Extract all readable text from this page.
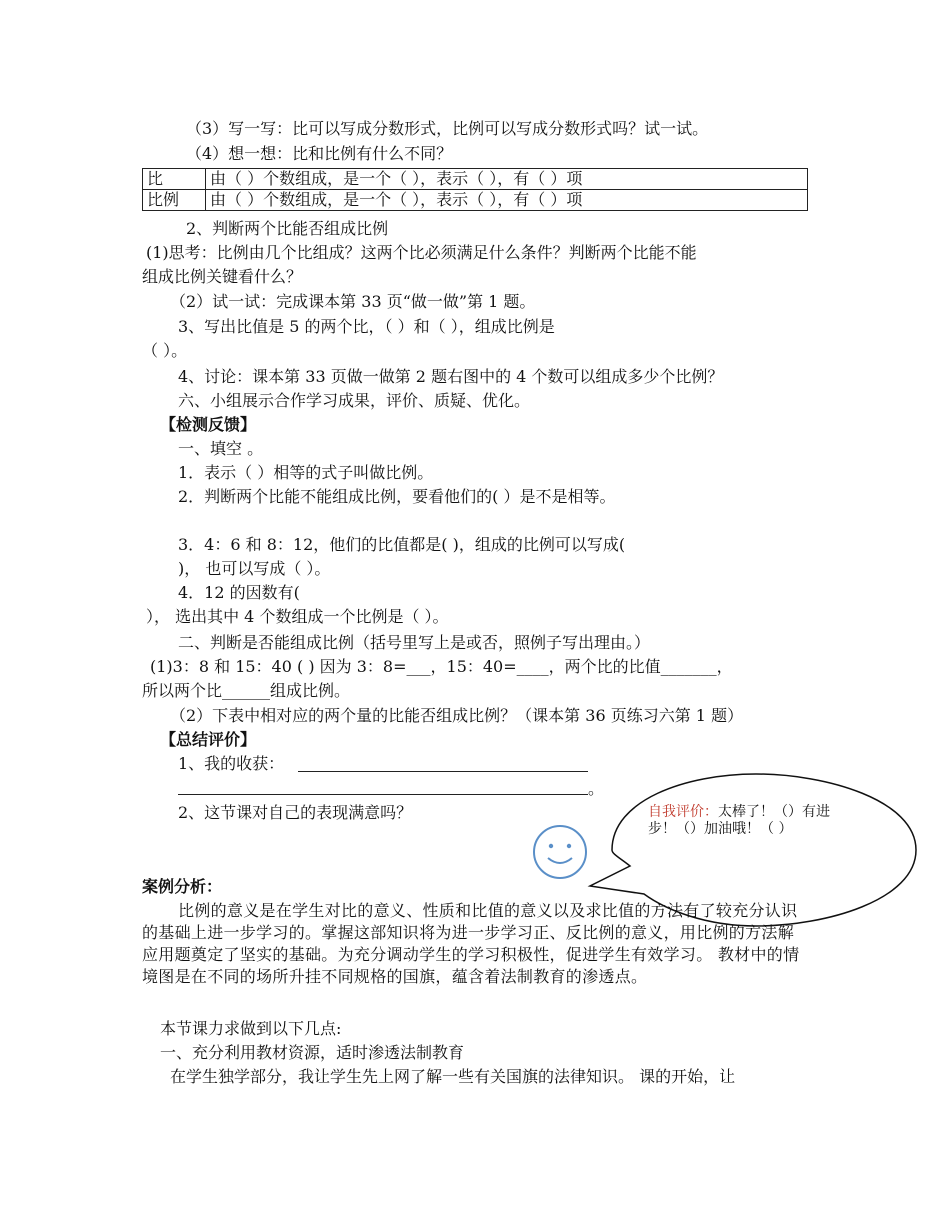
（3）写一写：比可以写成分数形式，比例可以写成分数形式吗？试一试。
（4）想一想：比和比例有什么不同？
比	由（ ）个数组成，是一个（ ），表示（ ），有（ ）项
比例	由（ ）个数组成，是一个（ ），表示（ ），有（ ）项
2、判断两个比能否组成比例
(1)思考：比例由几个比组成？这两个比必须满足什么条件？判断两个比能不能
组成比例关键看什么？
（2）试一试：完成课本第 33 页“做一做”第 1 题。
3、写出比值是 5 的两个比，（ ）和（ ），组成比例是
（ ）。
4、讨论：课本第 33 页做一做第 2 题右图中的 4 个数可以组成多少个比例？
六、小组展示合作学习成果，评价、质疑、优化。
【检测反馈】
一、填空 。
1．表示（ ）相等的式子叫做比例。
2．判断两个比能不能组成比例，要看他们的( ）是不是相等。
3．4：6 和 8：12，他们的比值都是( )，组成的比例可以写成(
)， 也可以写成（ ）。
4．12 的因数有(
）， 选出其中 4 个数组成一个比例是（ ）。
二、判断是否能组成比例（括号里写上是或否，照例子写出理由。）
(1)3：8 和 15：40 ( ) 因为 3：8=___，15：40=____，两个比的比值_______，
所以两个比______组成比例。
（2）下表中相对应的两个量的比能否组成比例？（课本第 36 页练习六第 1 题）
【总结评价】
1、我的收获：
。
2、这节课对自己的表现满意吗？	自我评价：太棒了！（）有进步！（）加油哦！（ ）
案例分析：
比例的意义是在学生对比的意义、性质和比值的意义以及求比值的方法有了较充分认识的基础上进一步学习的。掌握这部知识将为进一步学习正、反比例的意义，用比例的方法解应用题奠定了坚实的基础。为充分调动学生的学习积极性，促进学生有效学习。 教材中的情境图是在不同的场所升挂不同规格的国旗，蕴含着法制教育的渗透点。
本节课力求做到以下几点:
一、充分利用教材资源，适时渗透法制教育
在学生独学部分，我让学生先上网了解一些有关国旗的法律知识。 课的开始，让
